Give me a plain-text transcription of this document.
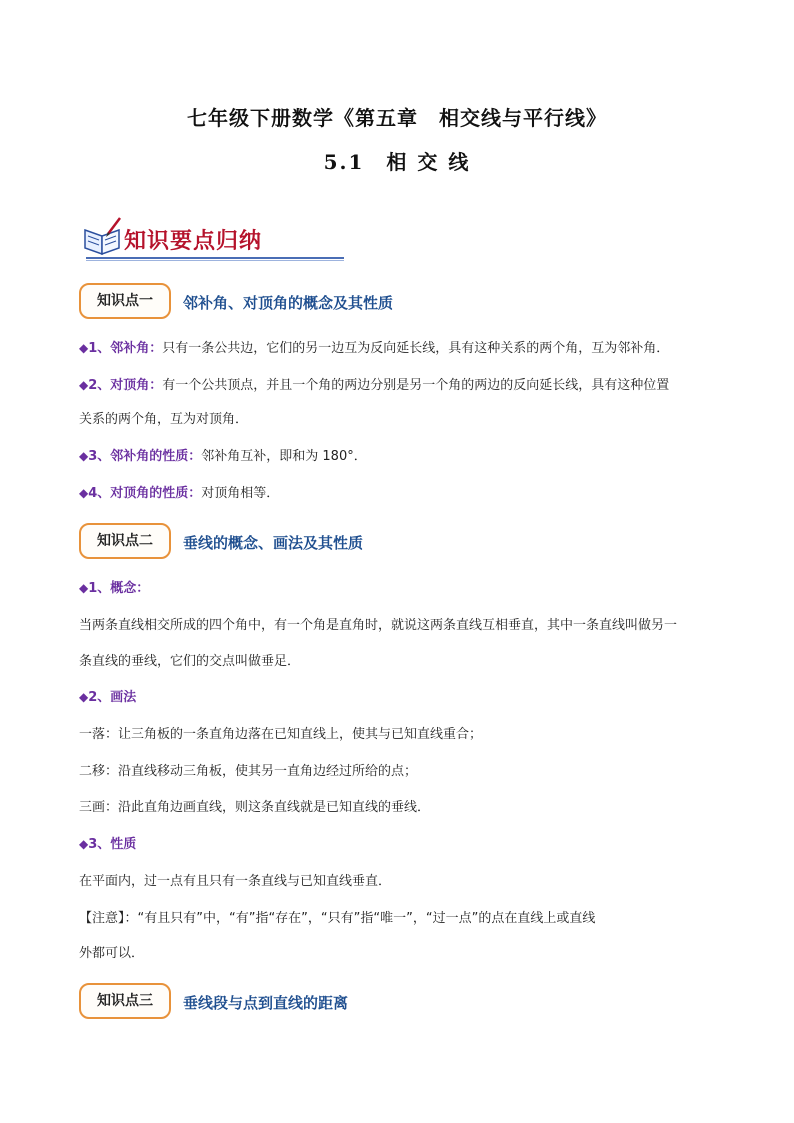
七年级下册数学《第五章　相交线与平行线》
5.1　相 交 线
知识要点归纳
知识点一	邻补角、对顶角的概念及其性质
◆1、邻补角：只有一条公共边，它们的另一边互为反向延长线，具有这种关系的两个角，互为邻补角．
◆2、对顶角：有一个公共顶点，并且一个角的两边分别是另一个角的两边的反向延长线，具有这种位置
关系的两个角，互为对顶角．
◆3、邻补角的性质：邻补角互补，即和为 180°．
◆4、对顶角的性质：对顶角相等．
知识点二	垂线的概念、画法及其性质
◆1、概念：
当两条直线相交所成的四个角中，有一个角是直角时，就说这两条直线互相垂直，其中一条直线叫做另一
条直线的垂线，它们的交点叫做垂足．
◆2、画法
一落：让三角板的一条直角边落在已知直线上，使其与已知直线重合；
二移：沿直线移动三角板，使其另一直角边经过所给的点；
三画：沿此直角边画直线，则这条直线就是已知直线的垂线．
◆3、性质
在平面内，过一点有且只有一条直线与已知直线垂直．
【注意】：“有且只有”中，“有”指“存在”，“只有”指“唯一”，“过一点”的点在直线上或直线
外都可以．
知识点三	垂线段与点到直线的距离
